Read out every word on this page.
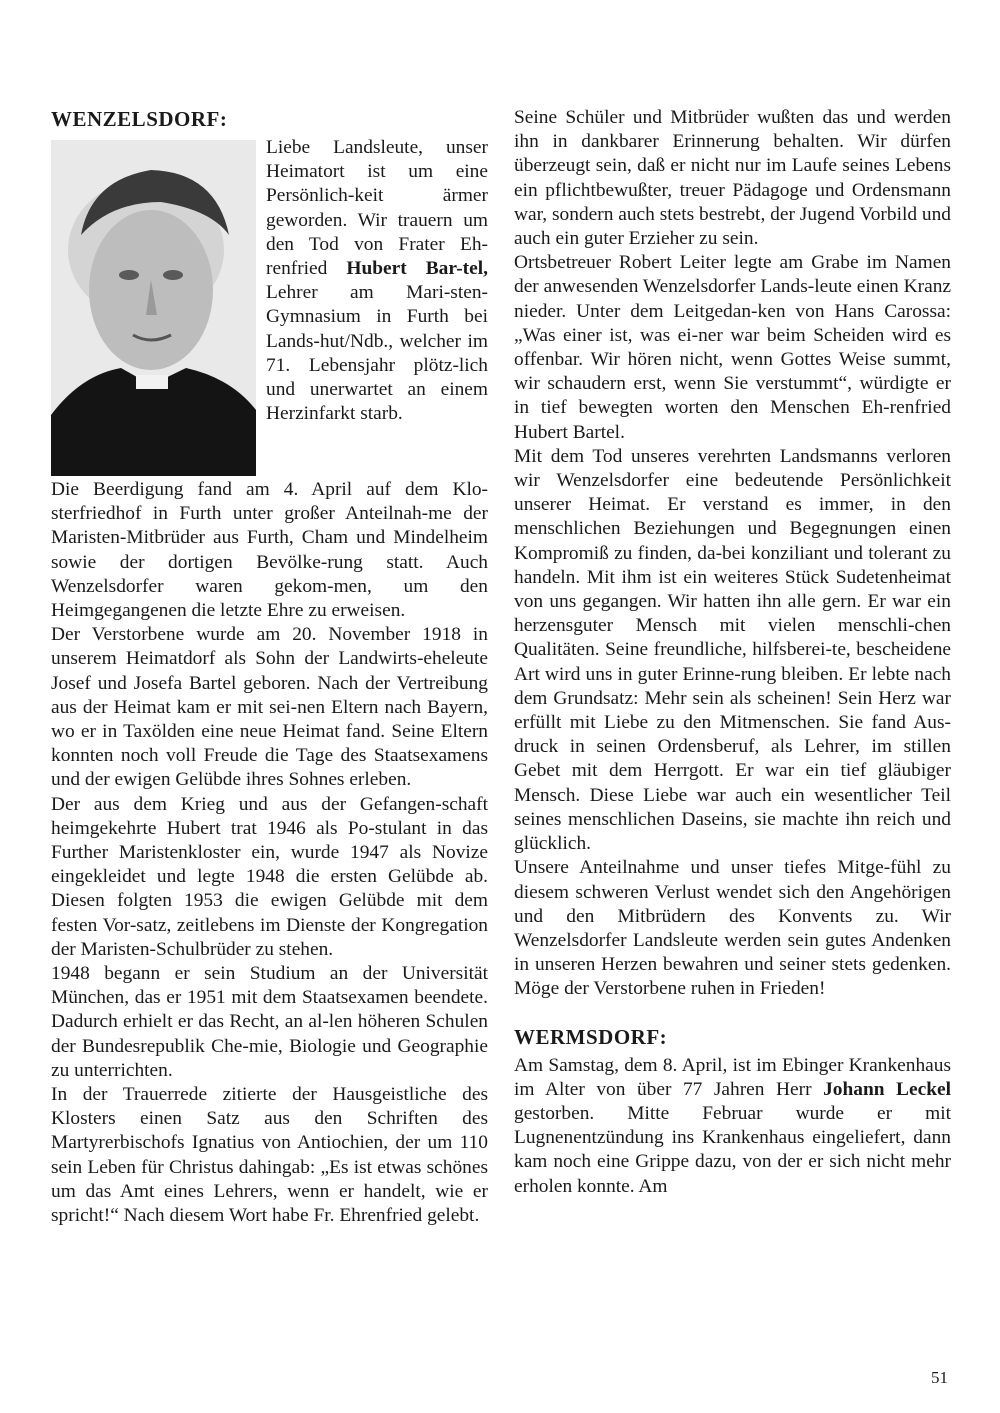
WENZELSDORF:

Liebe Landsleute, unser Heimatort ist um eine Persönlich-keit ärmer geworden. Wir trauern um den Tod von Frater Eh-renfried Hubert Bar-tel, Lehrer am Mari-sten-Gymnasium in Furth bei Lands-hut/Ndb., welcher im 71. Lebensjahr plötz-lich und unerwartet an einem Herzinfarkt starb.

Die Beerdigung fand am 4. April auf dem Klo-sterfriedhof in Furth unter großer Anteilnah-me der Maristen-Mitbrüder aus Furth, Cham und Mindelheim sowie der dortigen Bevölke-rung statt. Auch Wenzelsdorfer waren gekom-men, um den Heimgegangenen die letzte Ehre zu erweisen.

Der Verstorbene wurde am 20. November 1918 in unserem Heimatdorf als Sohn der Landwirts-eheleute Josef und Josefa Bartel geboren. Nach der Vertreibung aus der Heimat kam er mit sei-nen Eltern nach Bayern, wo er in Taxölden eine neue Heimat fand. Seine Eltern konnten noch voll Freude die Tage des Staatsexamens und der ewigen Gelübde ihres Sohnes erleben.

Der aus dem Krieg und aus der Gefangen-schaft heimgekehrte Hubert trat 1946 als Po-stulant in das Further Maristenkloster ein, wurde 1947 als Novize eingekleidet und legte 1948 die ersten Gelübde ab. Diesen folgten 1953 die ewigen Gelübde mit dem festen Vor-satz, zeitlebens im Dienste der Kongregation der Maristen-Schulbrüder zu stehen.

1948 begann er sein Studium an der Universität München, das er 1951 mit dem Staatsexamen beendete. Dadurch erhielt er das Recht, an al-len höheren Schulen der Bundesrepublik Che-mie, Biologie und Geographie zu unterrichten.

In der Trauerrede zitierte der Hausgeistliche des Klosters einen Satz aus den Schriften des Martyrerbischofs Ignatius von Antiochien, der um 110 sein Leben für Christus dahingab: „Es ist etwas schönes um das Amt eines Lehrers, wenn er handelt, wie er spricht!“ Nach diesem Wort habe Fr. Ehrenfried gelebt.

Seine Schüler und Mitbrüder wußten das und werden ihn in dankbarer Erinnerung behalten. Wir dürfen überzeugt sein, daß er nicht nur im Laufe seines Lebens ein pflichtbewußter, treuer Pädagoge und Ordensmann war, sondern auch stets bestrebt, der Jugend Vorbild und auch ein guter Erzieher zu sein.

Ortsbetreuer Robert Leiter legte am Grabe im Namen der anwesenden Wenzelsdorfer Lands-leute einen Kranz nieder. Unter dem Leitgedan-ken von Hans Carossa: „Was einer ist, was ei-ner war beim Scheiden wird es offenbar. Wir hören nicht, wenn Gottes Weise summt, wir schaudern erst, wenn Sie verstummt“, würdigte er in tief bewegten worten den Menschen Eh-renfried Hubert Bartel.

Mit dem Tod unseres verehrten Landsmanns verloren wir Wenzelsdorfer eine bedeutende Persönlichkeit unserer Heimat. Er verstand es immer, in den menschlichen Beziehungen und Begegnungen einen Kompromiß zu finden, da-bei konziliant und tolerant zu handeln. Mit ihm ist ein weiteres Stück Sudetenheimat von uns gegangen. Wir hatten ihn alle gern. Er war ein herzensguter Mensch mit vielen menschli-chen Qualitäten. Seine freundliche, hilfsberei-te, bescheidene Art wird uns in guter Erinne-rung bleiben. Er lebte nach dem Grundsatz: Mehr sein als scheinen! Sein Herz war erfüllt mit Liebe zu den Mitmenschen. Sie fand Aus-druck in seinen Ordensberuf, als Lehrer, im stillen Gebet mit dem Herrgott. Er war ein tief gläubiger Mensch. Diese Liebe war auch ein wesentlicher Teil seines menschlichen Daseins, sie machte ihn reich und glücklich.

Unsere Anteilnahme und unser tiefes Mitge-fühl zu diesem schweren Verlust wendet sich den Angehörigen und den Mitbrüdern des Konvents zu. Wir Wenzelsdorfer Landsleute werden sein gutes Andenken in unseren Herzen bewahren und seiner stets gedenken. Möge der Verstorbene ruhen in Frieden!

WERMSDORF:

Am Samstag, dem 8. April, ist im Ebinger Krankenhaus im Alter von über 77 Jahren Herr Johann Leckel gestorben. Mitte Februar wurde er mit Lugnenentzündung ins Krankenhaus eingeliefert, dann kam noch eine Grippe dazu, von der er sich nicht mehr erholen konnte. Am

51
